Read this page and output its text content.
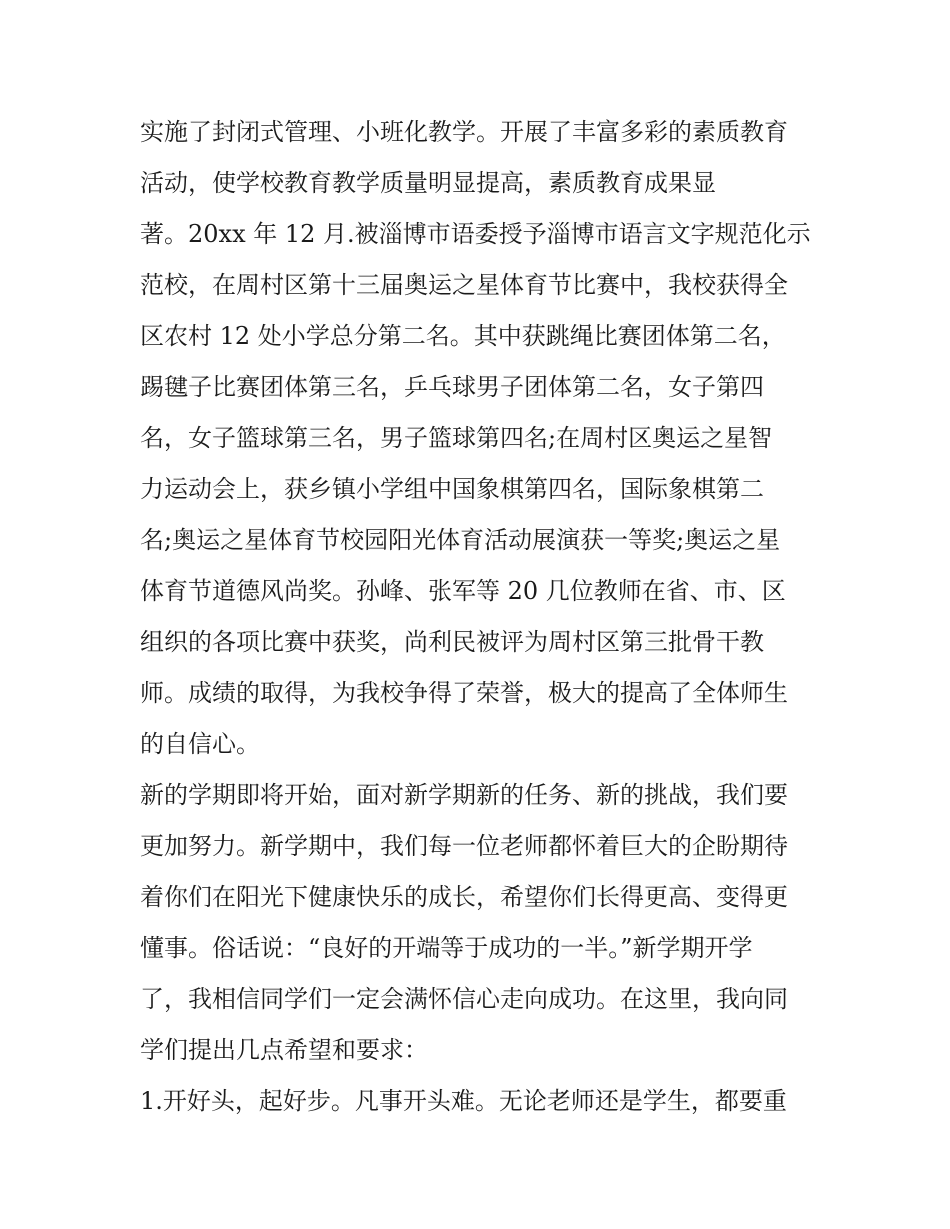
实施了封闭式管理、小班化教学。开展了丰富多彩的素质教育
活动，使学校教育教学质量明显提高，素质教育成果显
著。20xx 年 12 月.被淄博市语委授予淄博市语言文字规范化示
范校，在周村区第十三届奥运之星体育节比赛中，我校获得全
区农村 12 处小学总分第二名。其中获跳绳比赛团体第二名，
踢毽子比赛团体第三名，乒乓球男子团体第二名，女子第四
名，女子篮球第三名，男子篮球第四名;在周村区奥运之星智
力运动会上，获乡镇小学组中国象棋第四名，国际象棋第二
名;奥运之星体育节校园阳光体育活动展演获一等奖;奥运之星
体育节道德风尚奖。孙峰、张军等 20 几位教师在省、市、区
组织的各项比赛中获奖，尚利民被评为周村区第三批骨干教
师。成绩的取得，为我校争得了荣誉，极大的提高了全体师生
的自信心。
新的学期即将开始，面对新学期新的任务、新的挑战，我们要
更加努力。新学期中，我们每一位老师都怀着巨大的企盼期待
着你们在阳光下健康快乐的成长，希望你们长得更高、变得更
懂事。俗话说：“良好的开端等于成功的一半。”新学期开学
了，我相信同学们一定会满怀信心走向成功。在这里，我向同
学们提出几点希望和要求：
1.开好头，起好步。凡事开头难。无论老师还是学生，都要重
